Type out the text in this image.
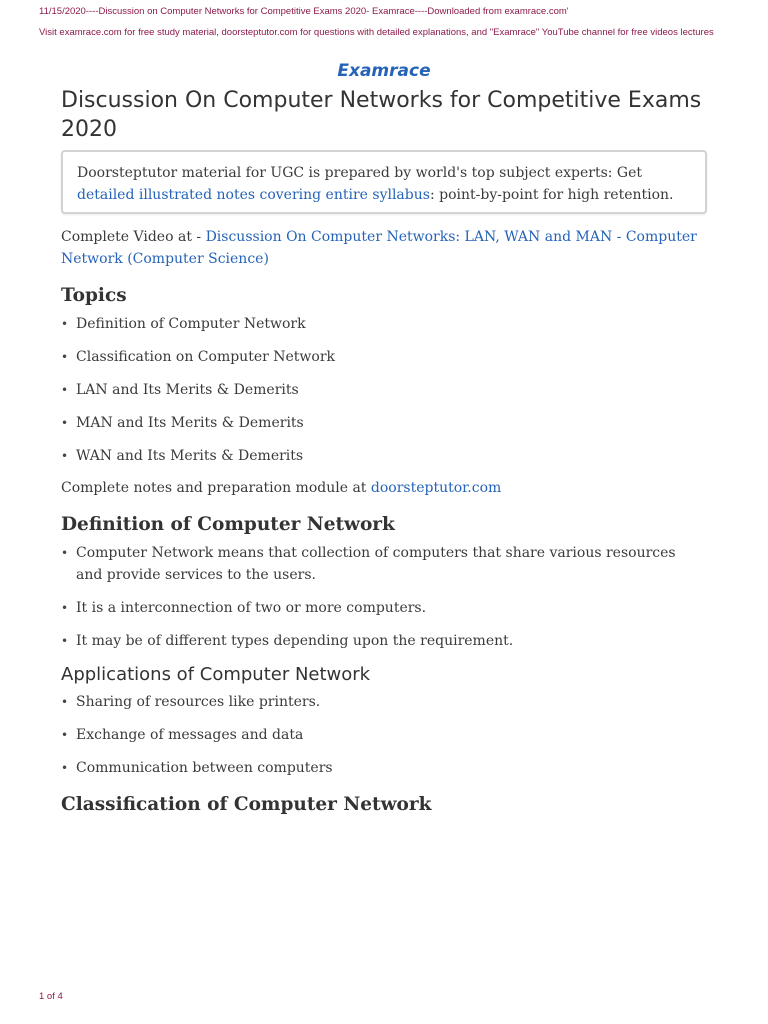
11/15/2020----Discussion on Computer Networks for Competitive Exams 2020- Examrace----Downloaded from examrace.com'
Visit examrace.com for free study material, doorsteptutor.com for questions with detailed explanations, and "Examrace" YouTube channel for free videos lectures
Examrace
Discussion On Computer Networks for Competitive Exams 2020
Doorsteptutor material for UGC is prepared by world's top subject experts: Get detailed illustrated notes covering entire syllabus: point-by-point for high retention.
Complete Video at - Discussion On Computer Networks: LAN, WAN and MAN - Computer Network (Computer Science)
Topics
• Definition of Computer Network
• Classification on Computer Network
• LAN and Its Merits & Demerits
• MAN and Its Merits & Demerits
• WAN and Its Merits & Demerits
Complete notes and preparation module at doorsteptutor.com
Definition of Computer Network
• Computer Network means that collection of computers that share various resources and provide services to the users.
• It is a interconnection of two or more computers.
• It may be of different types depending upon the requirement.
Applications of Computer Network
• Sharing of resources like printers.
• Exchange of messages and data
• Communication between computers
Classification of Computer Network
1 of 4
